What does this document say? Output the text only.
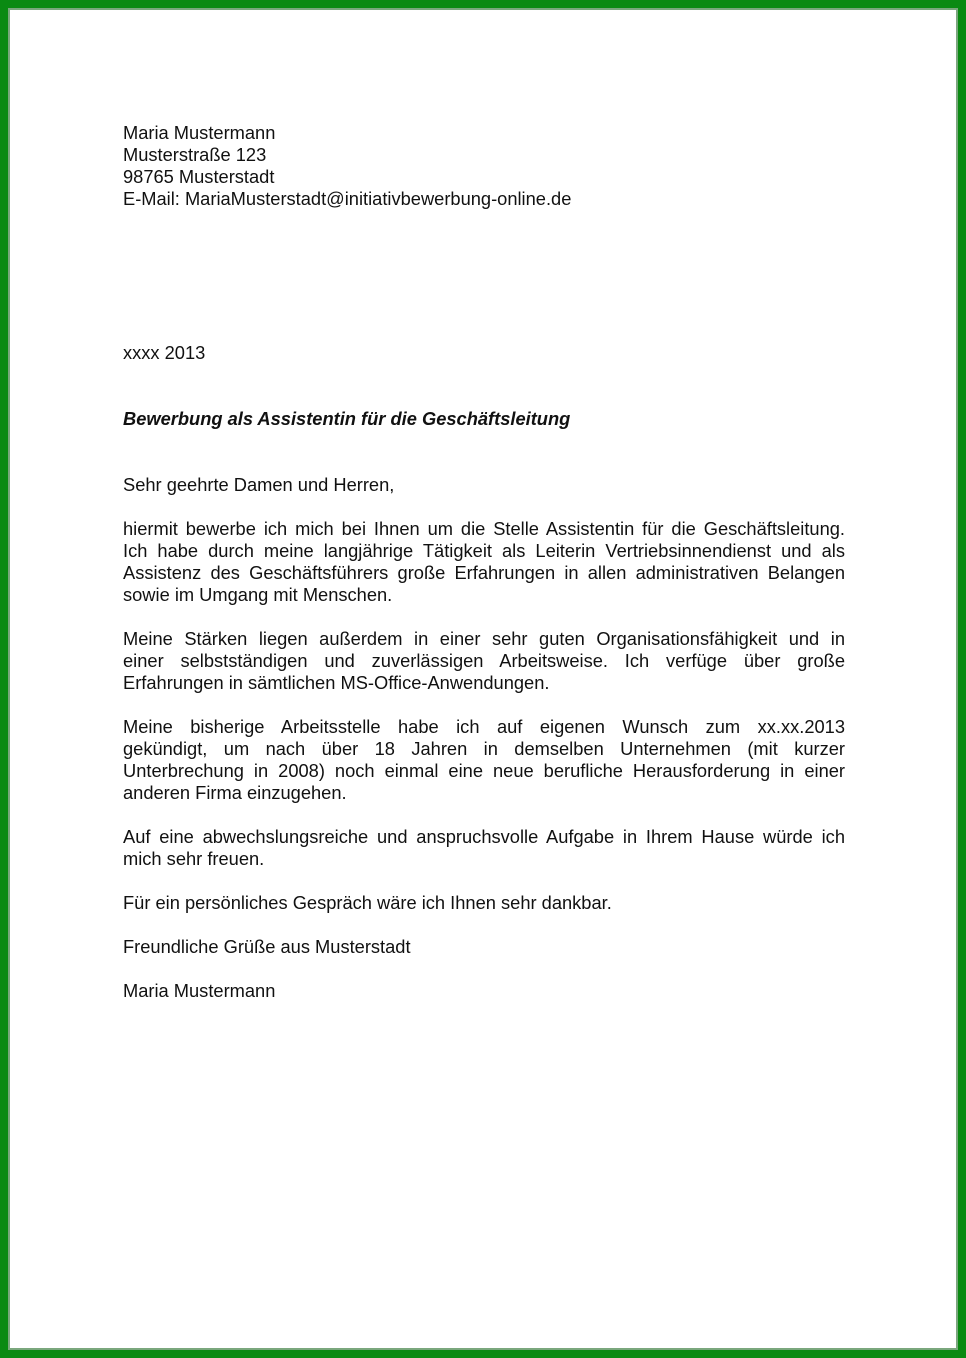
Maria Mustermann
Musterstraße 123
98765 Musterstadt
E-Mail: MariaMusterstadt@initiativbewerbung-online.de
xxxx 2013
Bewerbung als Assistentin für die Geschäftsleitung

Sehr geehrte Damen und Herren,

hiermit bewerbe ich mich bei Ihnen um die Stelle Assistentin für die Geschäftsleitung.
Ich habe durch meine langjährige Tätigkeit als Leiterin Vertriebsinnendienst und als
Assistenz des Geschäftsführers große Erfahrungen in allen administrativen Belangen
sowie im Umgang mit Menschen.

Meine Stärken liegen außerdem in einer sehr guten Organisationsfähigkeit und in
einer selbstständigen und zuverlässigen Arbeitsweise. Ich verfüge über große
Erfahrungen in sämtlichen MS-Office-Anwendungen.

Meine bisherige Arbeitsstelle habe ich auf eigenen Wunsch zum xx.xx.2013
gekündigt, um nach über 18 Jahren in demselben Unternehmen (mit kurzer
Unterbrechung in 2008) noch einmal eine neue berufliche Herausforderung in einer
anderen Firma einzugehen.

Auf eine abwechslungsreiche und anspruchsvolle Aufgabe in Ihrem Hause würde ich
mich sehr freuen.

Für ein persönliches Gespräch wäre ich Ihnen sehr dankbar.

Freundliche Grüße aus Musterstadt

Maria Mustermann
